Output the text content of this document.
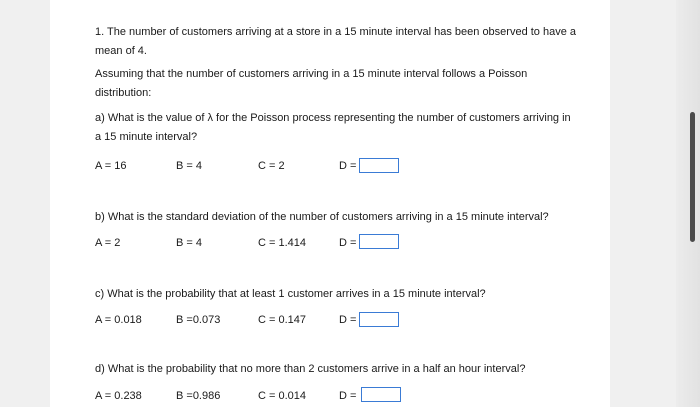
1. The number of customers arriving at a store in a 15 minute interval has been observed to have a
mean of 4.
Assuming that the number of customers arriving in a 15 minute interval follows a Poisson
distribution:
a) What is the value of λ for the Poisson process representing the number of customers arriving in
a 15 minute interval?
A = 16	B = 4	C = 2	D =
b) What is the standard deviation of the number of customers arriving in a 15 minute interval?
A = 2	B = 4	C = 1.414	D =
c) What is the probability that at least 1 customer arrives in a 15 minute interval?
A = 0.018	B =0.073	C = 0.147	D =
d) What is the probability that no more than 2 customers arrive in a half an hour interval?
A = 0.238	B =0.986	C = 0.014	D =
